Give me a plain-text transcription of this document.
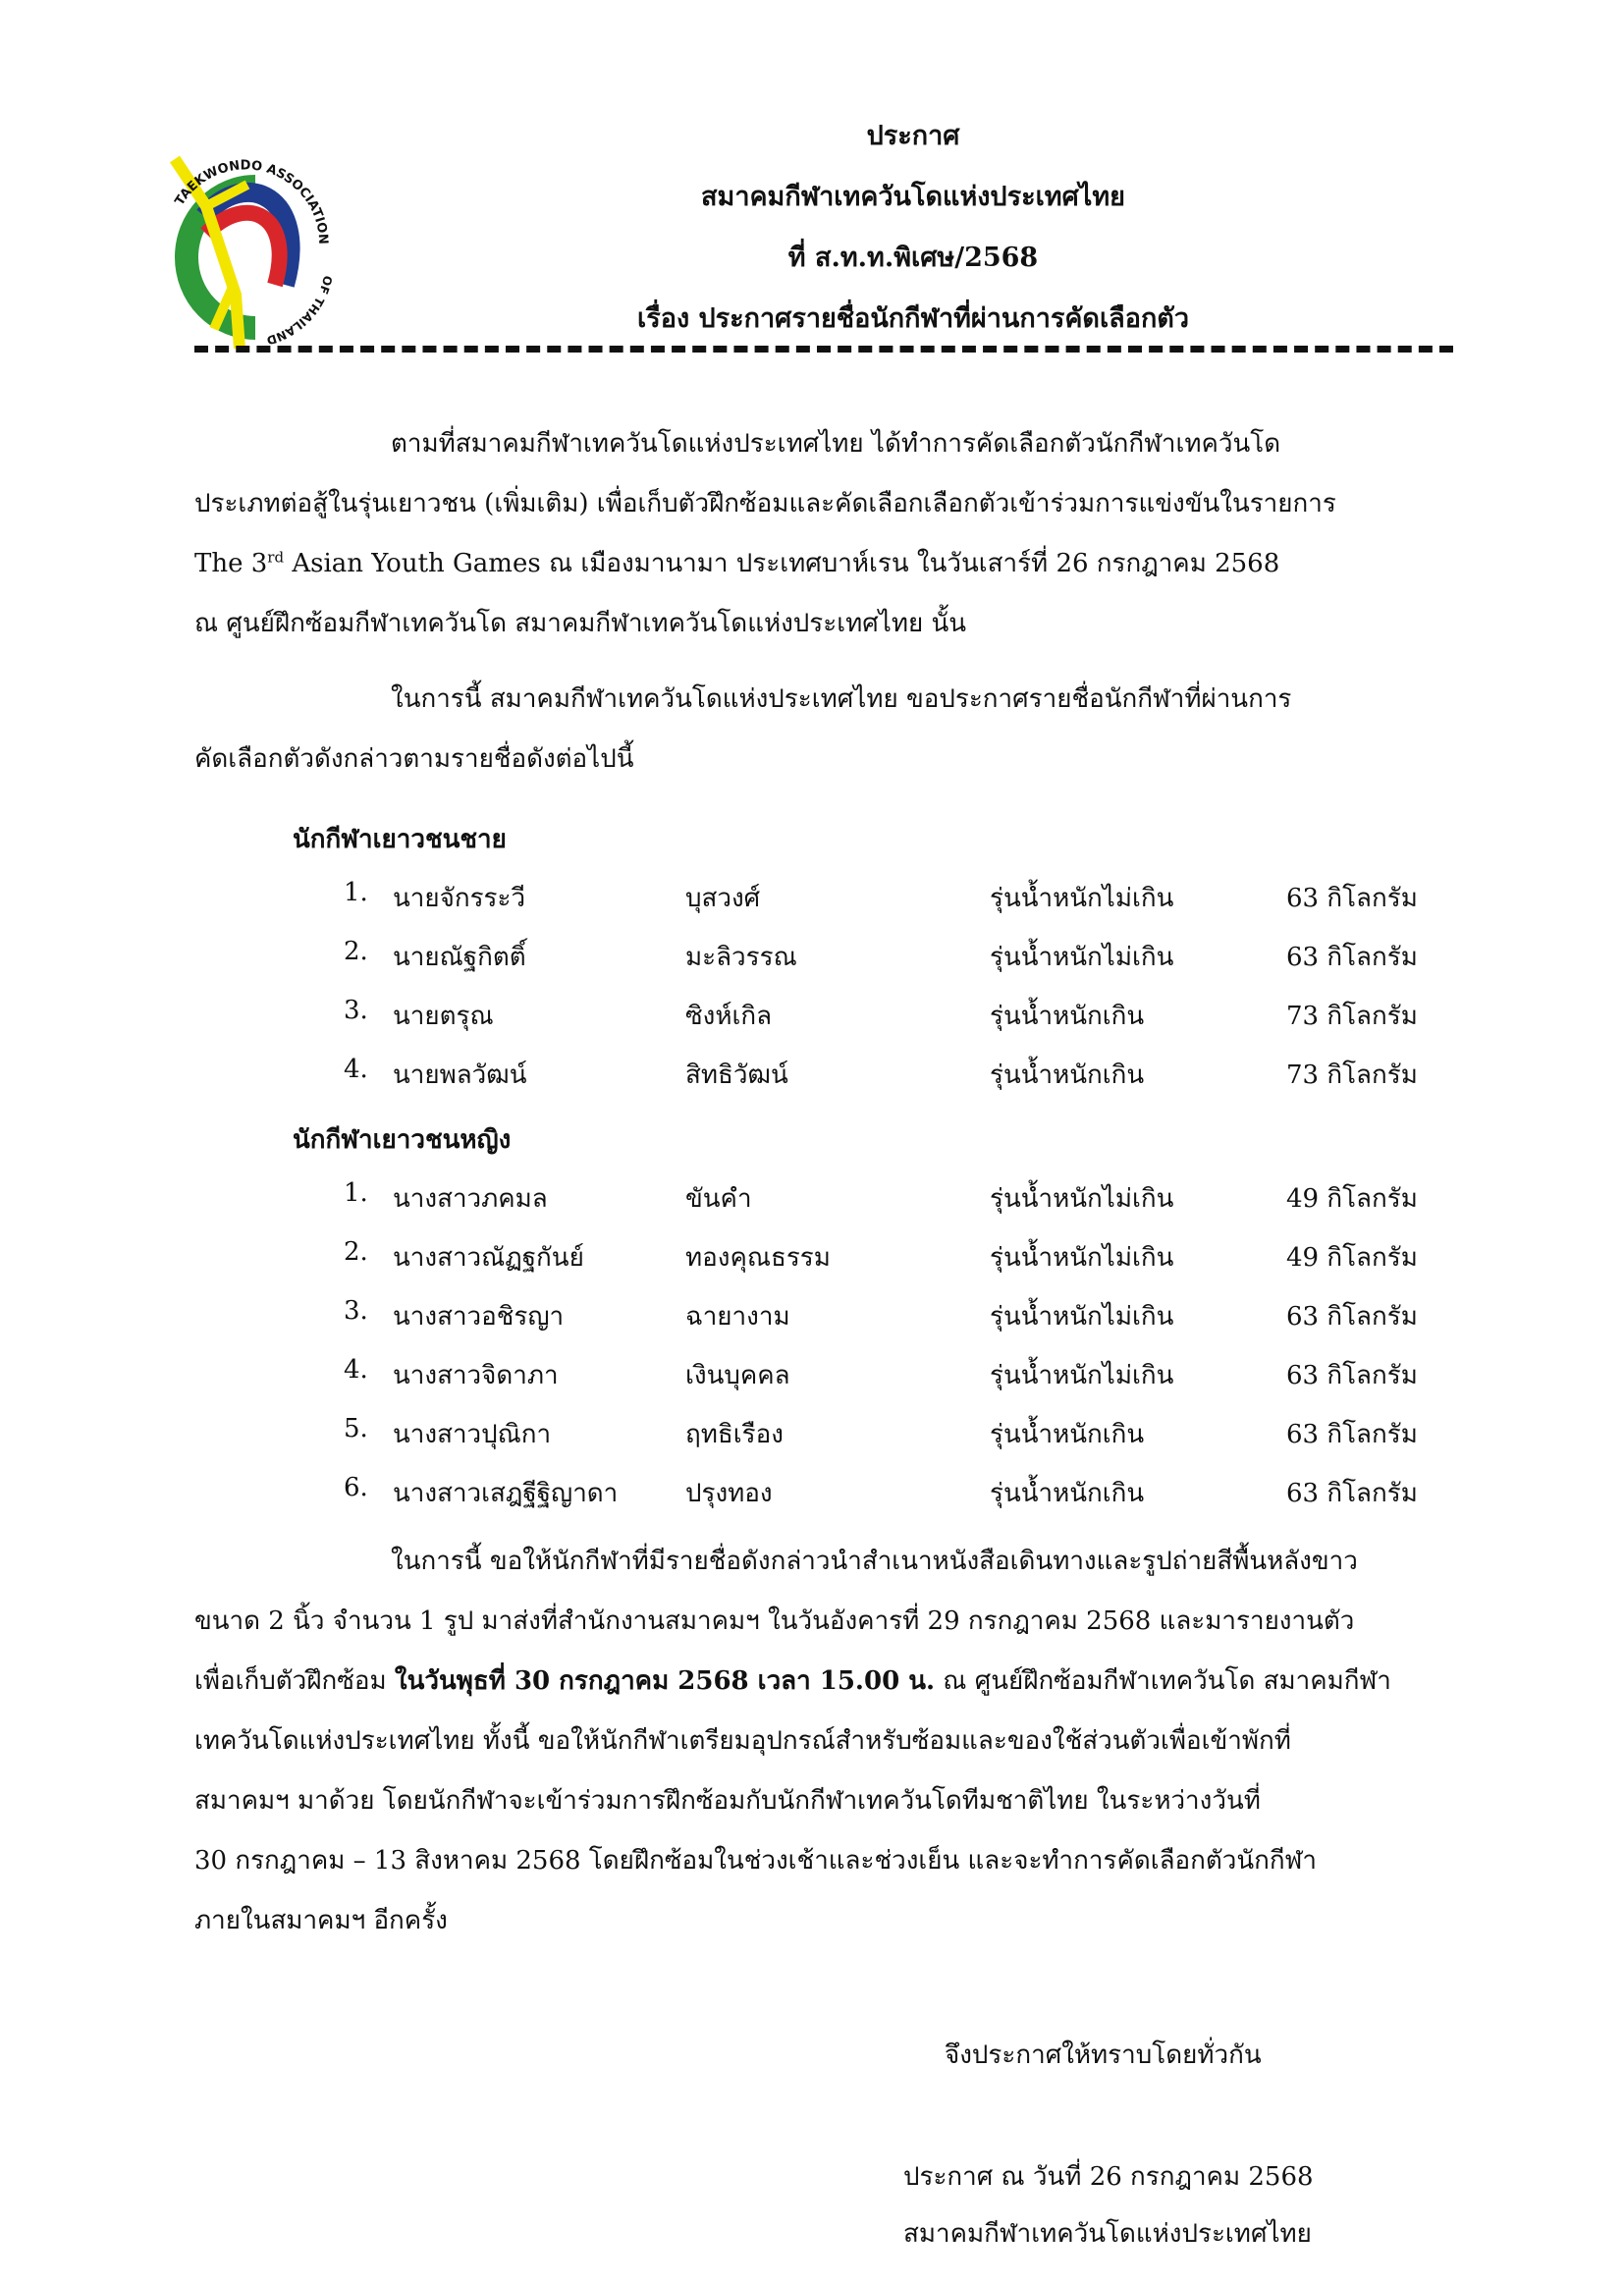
TAEKWONDO ASSOCIATION
OF THAILAND
ประกาศ
สมาคมกีฬาเทควันโดแห่งประเทศไทย
ที่ ส.ท.ท.พิเศษ/2568
เรื่อง ประกาศรายชื่อนักกีฬาที่ผ่านการคัดเลือกตัว
ตามที่สมาคมกีฬาเทควันโดแห่งประเทศไทย ได้ทำการคัดเลือกตัวนักกีฬาเทควันโด
ประเภทต่อสู้ในรุ่นเยาวชน (เพิ่มเติม) เพื่อเก็บตัวฝึกซ้อมและคัดเลือกเลือกตัวเข้าร่วมการแข่งขันในรายการ
The 3rd Asian Youth Games ณ เมืองมานามา ประเทศบาห์เรน ในวันเสาร์ที่ 26 กรกฎาคม 2568
ณ ศูนย์ฝึกซ้อมกีฬาเทควันโด สมาคมกีฬาเทควันโดแห่งประเทศไทย นั้น
ในการนี้ สมาคมกีฬาเทควันโดแห่งประเทศไทย ขอประกาศรายชื่อนักกีฬาที่ผ่านการ
คัดเลือกตัวดังกล่าวตามรายชื่อดังต่อไปนี้
นักกีฬาเยาวชนชาย
นักกีฬาเยาวชนหญิง
1. นายจักรระวี	บุสวงศ์	รุ่นน้ำหนักไม่เกิน	63 กิโลกรัม
2. นายณัฐกิตติ์	มะลิวรรณ	รุ่นน้ำหนักไม่เกิน	63 กิโลกรัม
3. นายตรุณ	ซิงห์เกิล	รุ่นน้ำหนักเกิน	73 กิโลกรัม
4. นายพลวัฒน์	สิทธิวัฒน์	รุ่นน้ำหนักเกิน	73 กิโลกรัม
1. นางสาวภคมล	ขันคำ	รุ่นน้ำหนักไม่เกิน	49 กิโลกรัม
2. นางสาวณัฏฐกันย์	ทองคุณธรรม	รุ่นน้ำหนักไม่เกิน	49 กิโลกรัม
3. นางสาวอชิรญา	ฉายางาม	รุ่นน้ำหนักไม่เกิน	63 กิโลกรัม
4. นางสาวจิดาภา	เงินบุคคล	รุ่นน้ำหนักไม่เกิน	63 กิโลกรัม
5. นางสาวปุณิกา	ฤทธิเรือง	รุ่นน้ำหนักเกิน	63 กิโลกรัม
6. นางสาวเสฎฐีฐิญาดา	ปรุงทอง	รุ่นน้ำหนักเกิน	63 กิโลกรัม
ในการนี้ ขอให้นักกีฬาที่มีรายชื่อดังกล่าวนำสำเนาหนังสือเดินทางและรูปถ่ายสีพื้นหลังขาว
ขนาด 2 นิ้ว จำนวน 1 รูป มาส่งที่สำนักงานสมาคมฯ ในวันอังคารที่ 29 กรกฎาคม 2568 และมารายงานตัว
เพื่อเก็บตัวฝึกซ้อม ในวันพุธที่ 30 กรกฎาคม 2568 เวลา 15.00 น. ณ ศูนย์ฝึกซ้อมกีฬาเทควันโด สมาคมกีฬา
เทควันโดแห่งประเทศไทย ทั้งนี้ ขอให้นักกีฬาเตรียมอุปกรณ์สำหรับซ้อมและของใช้ส่วนตัวเพื่อเข้าพักที่
สมาคมฯ มาด้วย โดยนักกีฬาจะเข้าร่วมการฝึกซ้อมกับนักกีฬาเทควันโดทีมชาติไทย ในระหว่างวันที่
30 กรกฎาคม – 13 สิงหาคม 2568 โดยฝึกซ้อมในช่วงเช้าและช่วงเย็น และจะทำการคัดเลือกตัวนักกีฬา
ภายในสมาคมฯ อีกครั้ง
จึงประกาศให้ทราบโดยทั่วกัน
ประกาศ ณ วันที่ 26 กรกฎาคม 2568
สมาคมกีฬาเทควันโดแห่งประเทศไทย
